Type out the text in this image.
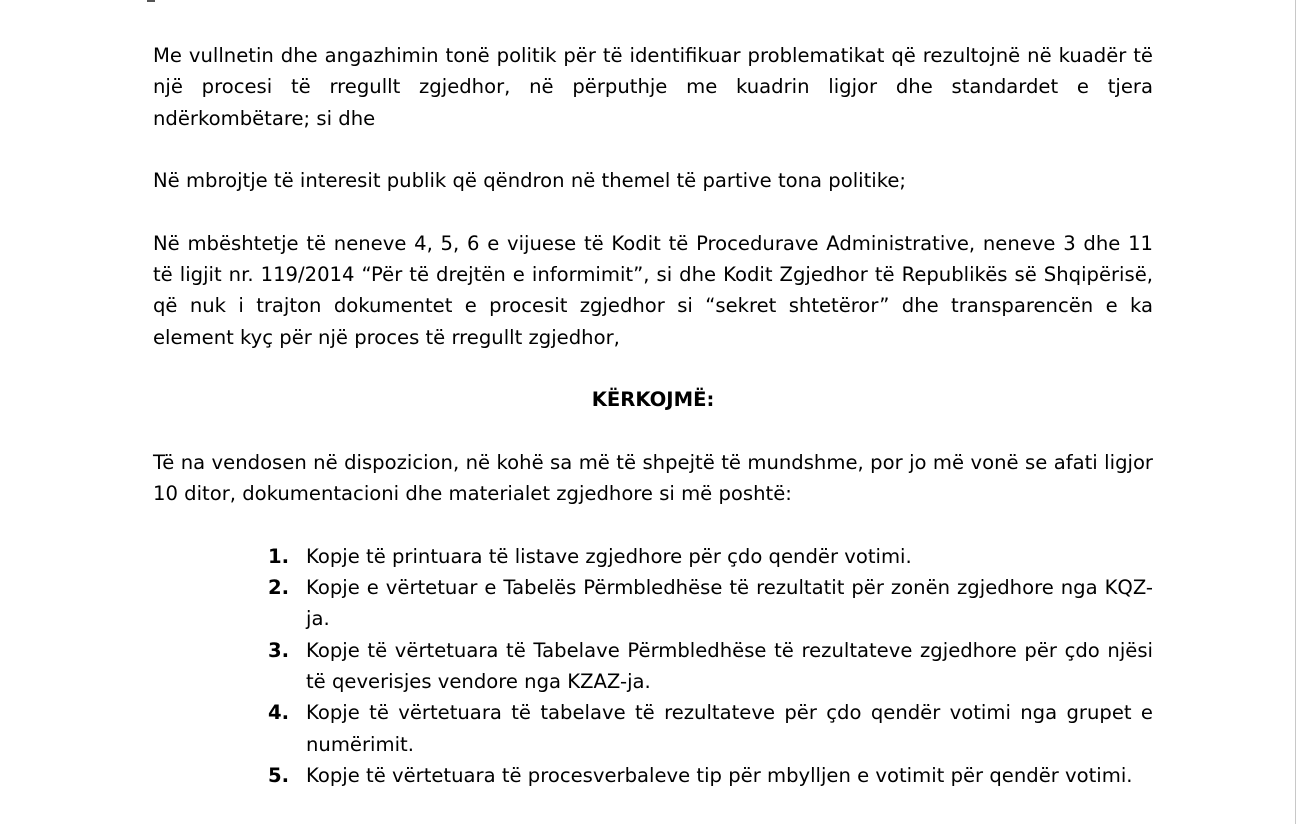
Me vullnetin dhe angazhimin tonë politik për të identifikuar problematikat që rezultojnë në kuadër të një procesi të rregullt zgjedhor, në përputhje me kuadrin ligjor dhe standardet e tjera ndërkombëtare; si dhe

Në mbrojtje të interesit publik që qëndron në themel të partive tona politike;

Në mbështetje të neneve 4, 5, 6 e vijuese të Kodit të Procedurave Administrative, neneve 3 dhe 11 të ligjit nr. 119/2014 “Për të drejtën e informimit”, si dhe Kodit Zgjedhor të Republikës së Shqipërisë, që nuk i trajton dokumentet e procesit zgjedhor si “sekret shtetëror” dhe transparencën e ka element kyç për një proces të rregullt zgjedhor,

KËRKOJMË:

Të na vendosen në dispozicion, në kohë sa më të shpejtë të mundshme, por jo më vonë se afati ligjor 10 ditor, dokumentacioni dhe materialet zgjedhore si më poshtë:

1. Kopje të printuara të listave zgjedhore për çdo qendër votimi.
2. Kopje e vërtetuar e Tabelës Përmbledhëse të rezultatit për zonën zgjedhore nga KQZ-ja.
3. Kopje të vërtetuara të Tabelave Përmbledhëse të rezultateve zgjedhore për çdo njësi të qeverisjes vendore nga KZAZ-ja.
4. Kopje të vërtetuara të tabelave të rezultateve për çdo qendër votimi nga grupet e numërimit.
5. Kopje të vërtetuara të procesverbaleve tip për mbylljen e votimit për qendër votimi.
